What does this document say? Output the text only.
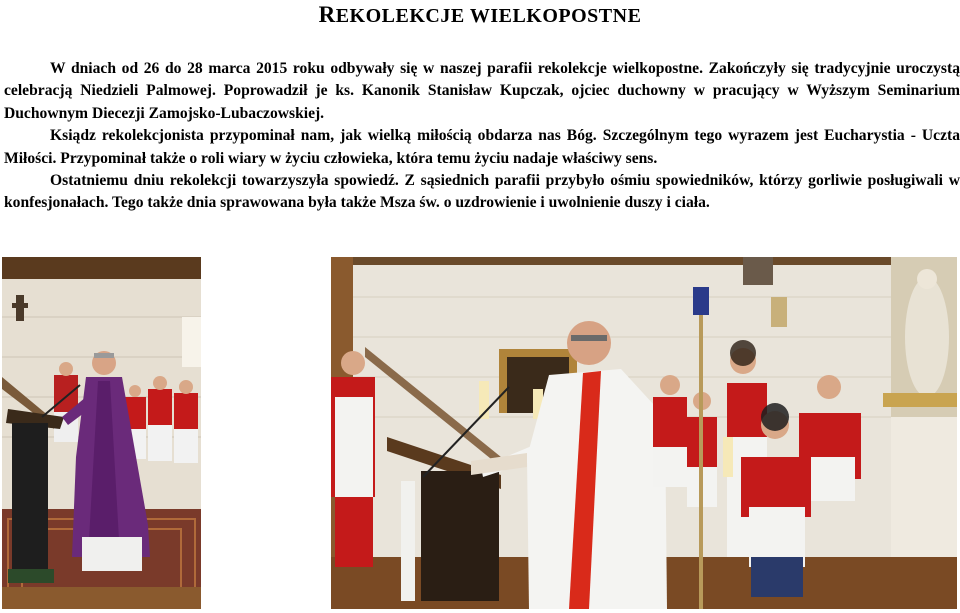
REKOLEKCJE WIELKOPOSTNE

W dniach od 26 do 28 marca 2015 roku odbywały się w naszej parafii rekolekcje wielkopostne. Zakończyły się tradycyjnie uroczystą celebracją Niedzieli Palmowej. Poprowadził je ks. Kanonik Stanisław Kupczak, ojciec duchowny w pracujący w Wyższym Seminarium Duchownym Diecezji Zamojsko-Lubaczowskiej.

Ksiądz rekolekcjonista przypominał nam, jak wielką miłością obdarza nas Bóg. Szczególnym tego wyrazem jest Eucharystia - Uczta Miłości. Przypominał także o roli wiary w życiu człowieka, która temu życiu nadaje właściwy sens.

Ostatniemu dniu rekolekcji towarzyszyła spowiedź. Z sąsiednich parafii przybyło ośmiu spowiedników, którzy gorliwie posługiwali w konfesjonałach. Tego także dnia sprawowana była także Msza św. o uzdrowienie i uwolnienie duszy i ciała.
